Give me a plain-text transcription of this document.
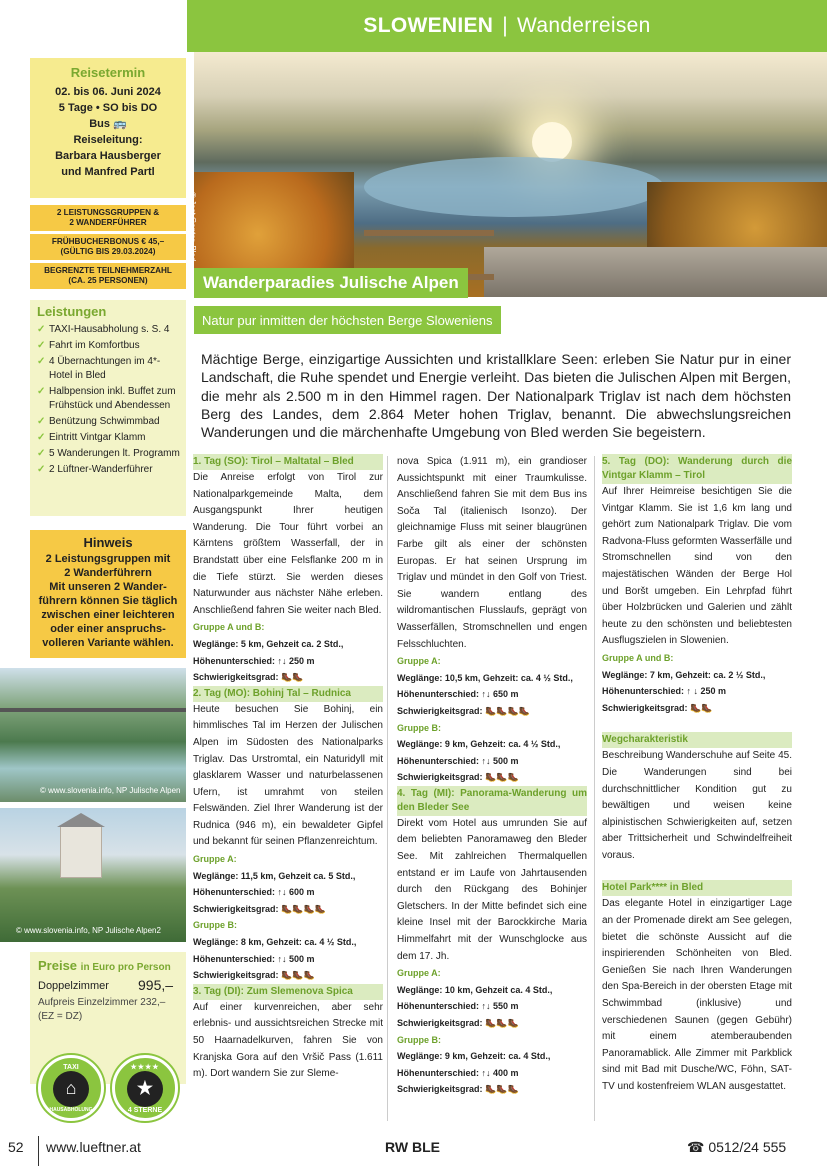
SLOWENIEN | Wanderreisen
Reisetermin
02. bis 06. Juni 2024
5 Tage • SO bis DO
Bus 🚌
Reiseleitung:
Barbara Hausberger
und Manfred Partl
2 LEISTUNGSGRUPPEN &
2 WANDERFÜHRER
FRÜHBUCHERBONUS € 45,–
(GÜLTIG BIS 29.03.2024)
BEGRENZTE TEILNEHMERZAHL
(CA. 25 PERSONEN)
Leistungen
✓ TAXI-Hausabholung s. S. 4
✓ Fahrt im Komfortbus
✓ 4 Übernachtungen im 4*-Hotel in Bled
✓ Halbpension inkl. Buffet zum Frühstück und Abendessen
✓ Benützung Schwimmbad
✓ Eintritt Vintgar Klamm
✓ 5 Wanderungen lt. Programm
✓ 2 Lüftner-Wanderführer
Hinweis
2 Leistungsgruppen mit
2 Wanderführern
Mit unseren 2 Wander-
führern können Sie täglich
zwischen einer leichteren
oder einer anspruchs-
volleren Variante wählen.
© www.slovenia.info, NP Julische Alpen
© www.slovenia.info, NP Julische Alpen2
Preise in Euro pro Person
Doppelzimmer 995,–
Aufpreis Einzelzimmer 232,–
(EZ = DZ)
TAXI
⌂
HAUSABHOLUNG
★★★★
★
4 STERNE
© Jost Gantar, Bled
Wanderparadies Julische Alpen
Natur pur inmitten der höchsten Berge Sloweniens
Mächtige Berge, einzigartige Aussichten und kristallklare Seen: erleben Sie Natur pur in einer Landschaft, die Ruhe spendet und Energie verleiht. Das bieten die Julischen Alpen mit Bergen, die mehr als 2.500 m in den Himmel ragen. Der Nationalpark Triglav ist nach dem höchsten Berg des Landes, dem 2.864 Meter hohen Triglav, benannt. Die abwechslungsreichen Wanderungen und die märchenhafte Umgebung von Bled werden Sie begeistern.
1. Tag (SO): Tirol – Maltatal – Bled
Die Anreise erfolgt von Tirol zur Nationalparkgemeinde Malta, dem Ausgangspunkt Ihrer heutigen Wanderung. Die Tour führt vorbei an Kärntens größtem Wasserfall, der in Brandstatt über eine Felsflanke 200 m in die Tiefe stürzt. Sie werden dieses Naturwunder aus nächster Nähe erleben. Anschließend fahren Sie weiter nach Bled.
Gruppe A und B:
Weglänge: 5 km, Gehzeit ca. 2 Std.,
Höhenunterschied: ↑↓ 250 m
Schwierigkeitsgrad: 🥾🥾
2. Tag (MO): Bohinj Tal – Rudnica
Heute besuchen Sie Bohinj, ein himmlisches Tal im Herzen der Julischen Alpen im Südosten des Nationalparks Triglav. Das Urstromtal, ein Naturidyll mit glasklarem Wasser und naturbelassenen Ufern, ist umrahmt von steilen Felswänden. Ziel Ihrer Wanderung ist der Rudnica (946 m), ein bewaldeter Gipfel und bekannt für seinen Pflanzenreichtum.
Gruppe A:
Weglänge: 11,5 km, Gehzeit ca. 5 Std.,
Höhenunterschied: ↑↓ 600 m
Schwierigkeitsgrad: 🥾🥾🥾🥾
Gruppe B:
Weglänge: 8 km, Gehzeit: ca. 4 ½ Std.,
Höhenunterschied: ↑↓ 500 m
Schwierigkeitsgrad: 🥾🥾🥾
3. Tag (DI): Zum Slemenova Spica
Auf einer kurvenreichen, aber sehr erlebnis- und aussichtsreichen Strecke mit 50 Haarnadelkurven, fahren Sie von Kranjska Gora auf den Vršič Pass (1.611 m). Dort wandern Sie zur Sleme-
nova Spica (1.911 m), ein grandioser Aussichtspunkt mit einer Traumkulisse. Anschließend fahren Sie mit dem Bus ins Soča Tal (italienisch Isonzo). Der gleichnamige Fluss mit seiner blaugrünen Farbe gilt als einer der schönsten Europas. Er hat seinen Ursprung im Triglav und mündet in den Golf von Triest. Sie wandern entlang des wildromantischen Flusslaufs, geprägt von Wasserfällen, Stromschnellen und engen Felsschluchten.
Gruppe A:
Weglänge: 10,5 km, Gehzeit: ca. 4 ½ Std.,
Höhenunterschied: ↑↓ 650 m
Schwierigkeitsgrad: 🥾🥾🥾🥾
Gruppe B:
Weglänge: 9 km, Gehzeit: ca. 4 ½ Std.,
Höhenunterschied: ↑↓ 500 m
Schwierigkeitsgrad: 🥾🥾🥾
4. Tag (MI): Panorama-Wanderung um den Bleder See
Direkt vom Hotel aus umrunden Sie auf dem beliebten Panoramaweg den Bleder See. Mit zahlreichen Thermalquellen entstand er im Laufe von Jahrtausenden durch den Rückgang des Bohinjer Gletschers. In der Mitte befindet sich eine kleine Insel mit der Barockkirche Maria Himmelfahrt mit der Wunschglocke aus dem 17. Jh.
Gruppe A:
Weglänge: 10 km, Gehzeit ca. 4 Std.,
Höhenunterschied: ↑↓ 550 m
Schwierigkeitsgrad: 🥾🥾🥾
Gruppe B:
Weglänge: 9 km, Gehzeit: ca. 4 Std.,
Höhenunterschied: ↑↓ 400 m
Schwierigkeitsgrad: 🥾🥾🥾
5. Tag (DO): Wanderung durch die Vintgar Klamm – Tirol
Auf Ihrer Heimreise besichtigen Sie die Vintgar Klamm. Sie ist 1,6 km lang und gehört zum Nationalpark Triglav. Die vom Radvona-Fluss geformten Wasserfälle und Stromschnellen sind von den majestätischen Wänden der Berge Hol und Boršt umgeben. Ein Lehrpfad führt über Holzbrücken und Galerien und zählt heute zu den schönsten und beliebtesten Ausflugszielen in Slowenien.
Gruppe A und B:
Weglänge: 7 km, Gehzeit: ca. 2 ½ Std.,
Höhenunterschied: ↑ ↓ 250 m
Schwierigkeitsgrad: 🥾🥾
Wegcharakteristik
Beschreibung Wanderschuhe auf Seite 45. Die Wanderungen sind bei durchschnittlicher Kondition gut zu bewältigen und weisen keine alpinistischen Schwierigkeiten auf, setzen aber Trittsicherheit und Schwindelfreiheit voraus.
Hotel Park**** in Bled
Das elegante Hotel in einzigartiger Lage an der Promenade direkt am See gelegen, bietet die schönste Aussicht auf die inspirierenden Schönheiten von Bled. Genießen Sie nach Ihren Wanderungen den Spa-Bereich in der obersten Etage mit Schwimmbad (inklusive) und verschiedenen Saunen (gegen Gebühr) mit einem atemberaubenden Panoramablick. Alle Zimmer mit Parkblick sind mit Bad mit Dusche/WC, Föhn, SAT-TV und kostenfreiem WLAN ausgestattet.
52 www.lueftner.at	RW BLE	☎ 0512/24 555
